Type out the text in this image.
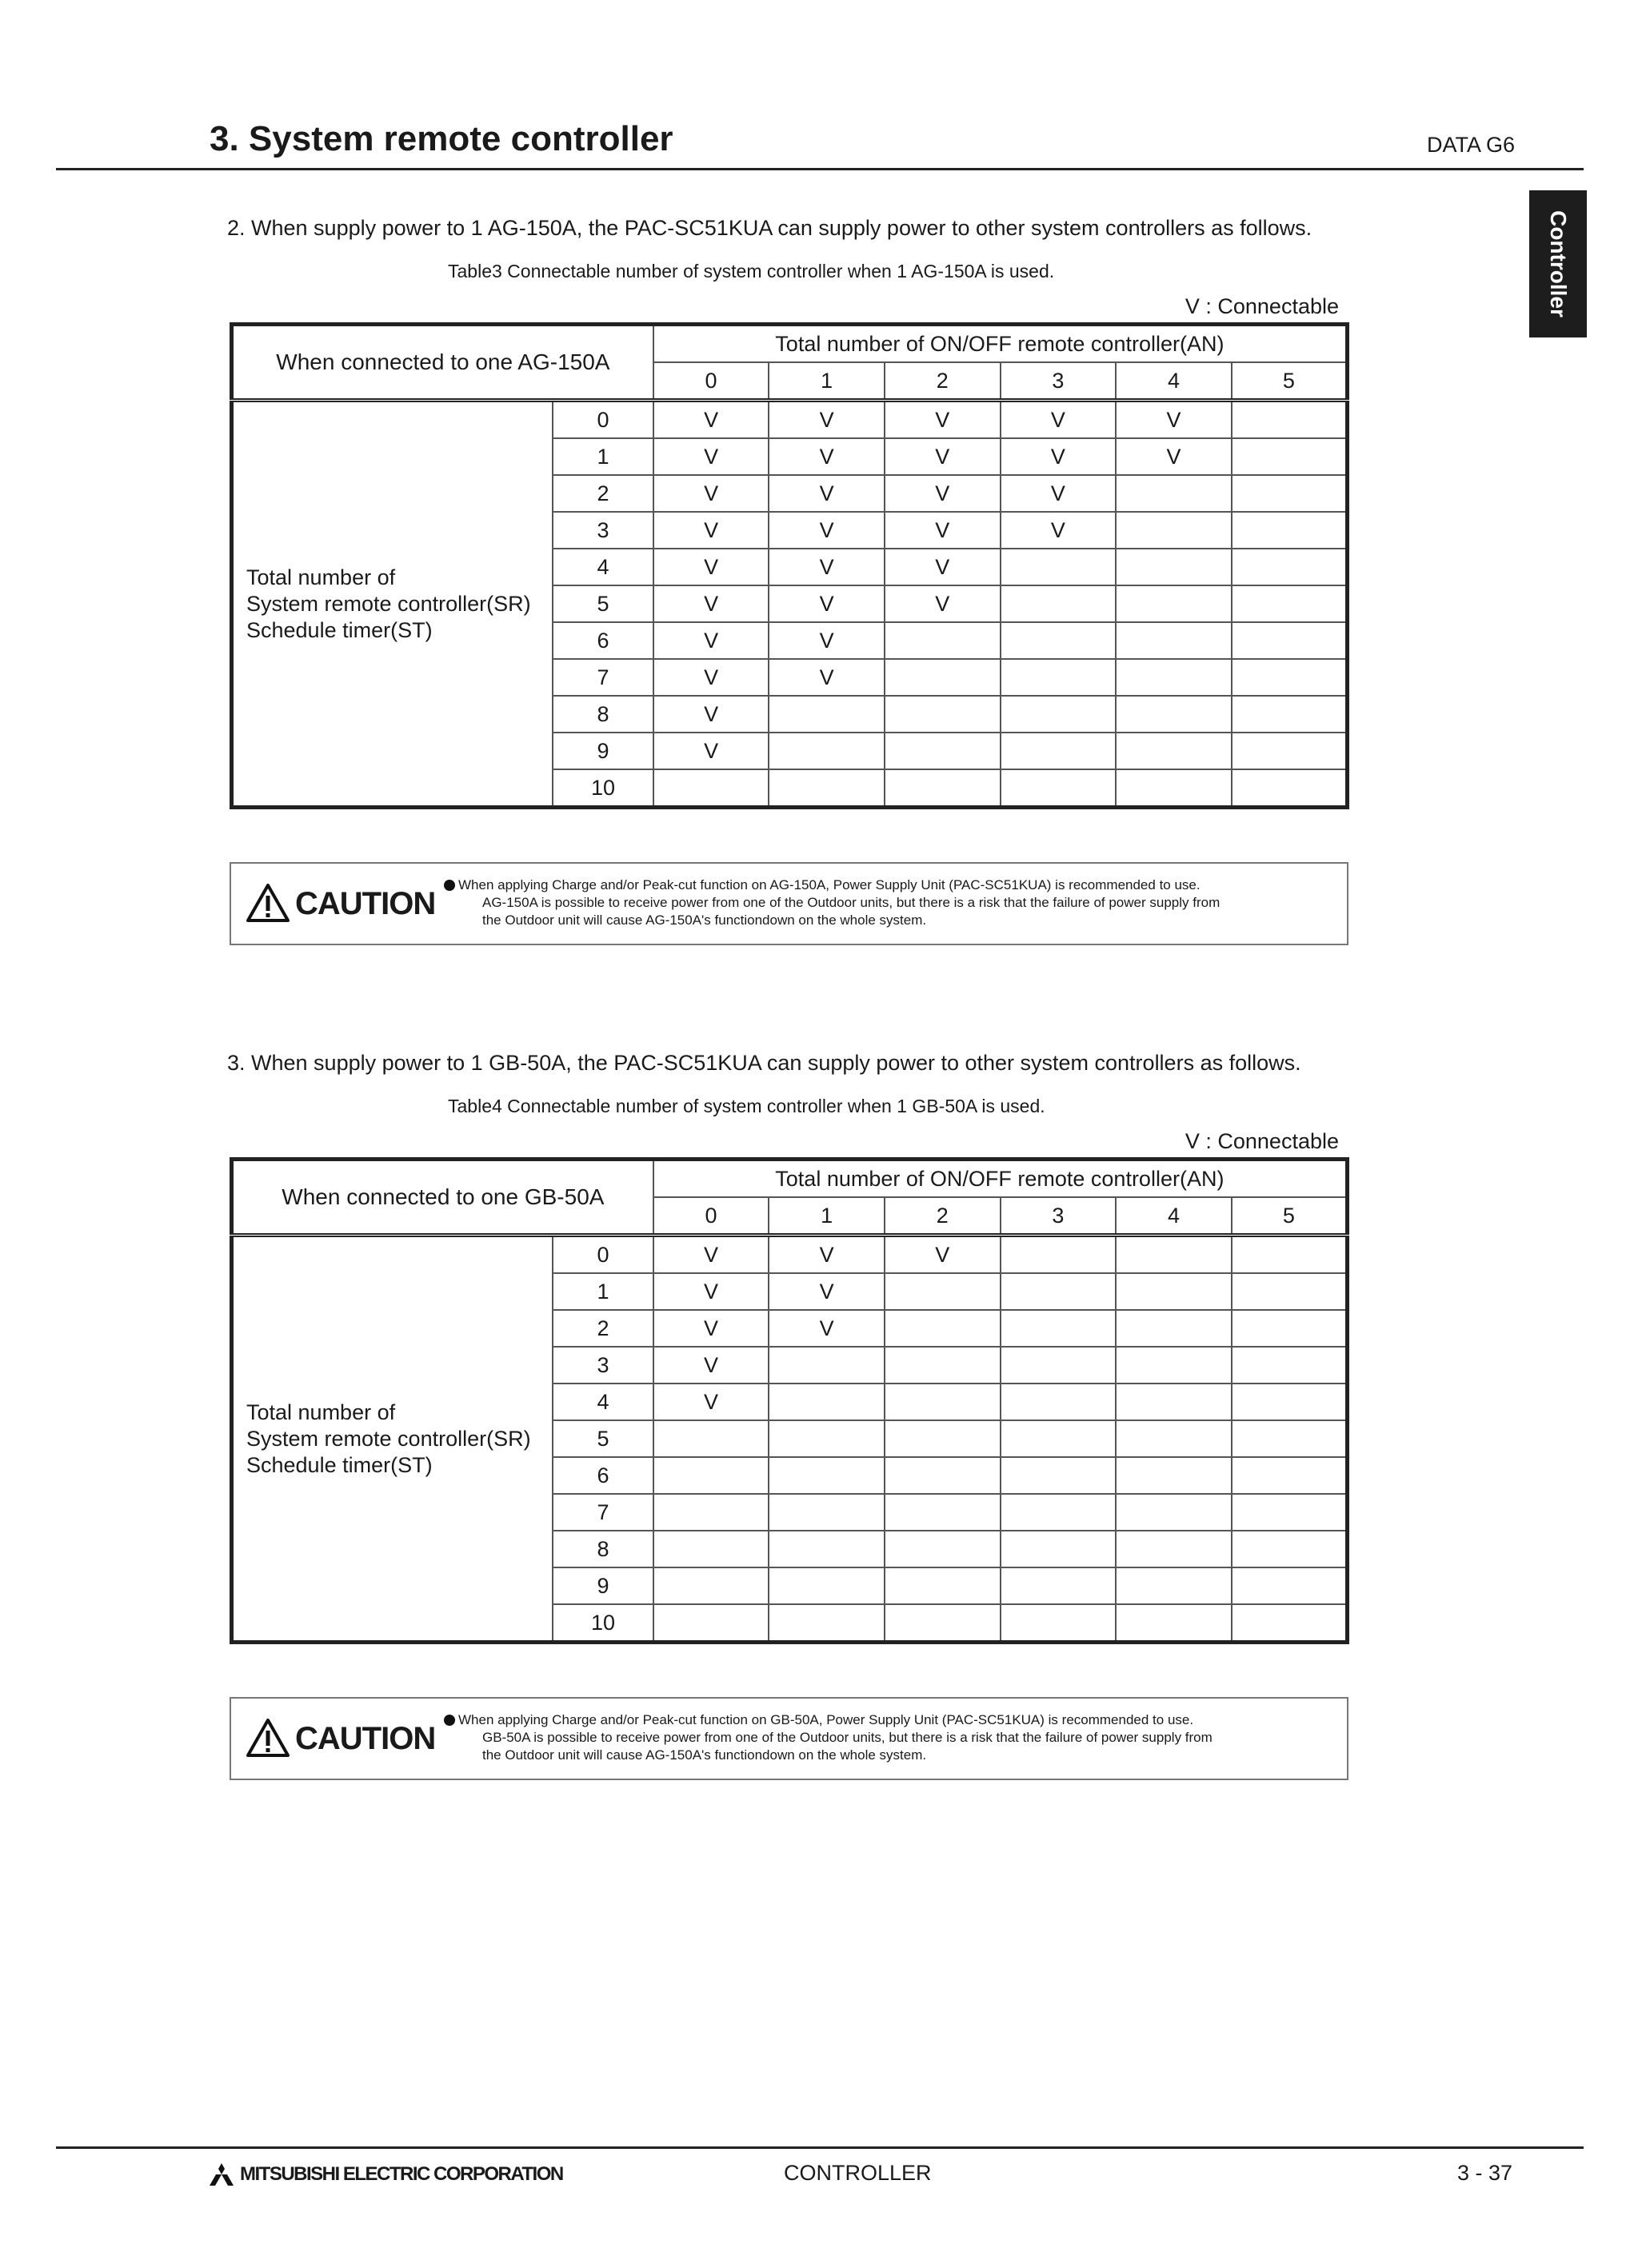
3. System remote controller	DATA G6
Controller
2. When supply power to 1 AG-150A, the PAC-SC51KUA can supply power to other system controllers as follows.
Table3 Connectable number of system controller when 1 AG-150A is used.
V : Connectable
When connected to one AG-150A		Total number of ON/OFF remote controller(AN)					
		0	1	2	3	4	5

Total number of
System remote controller(SR)
Schedule timer(ST)	0	V	V	V	V	V	
	1	V	V	V	V	V	
	2	V	V	V	V		
	3	V	V	V	V		
	4	V	V	V			
	5	V	V	V			
	6	V	V				
	7	V	V				
	8	V					
	9	V					
	10						
CAUTION
When applying Charge and/or Peak-cut function on AG-150A, Power Supply Unit (PAC-SC51KUA) is recommended to use.
AG-150A is possible to receive power from one of the Outdoor units, but there is a risk that the failure of power supply from
the Outdoor unit will cause AG-150A's functiondown on the whole system.
3. When supply power to 1 GB-50A, the PAC-SC51KUA can supply power to other system controllers as follows.
Table4 Connectable number of system controller when 1 GB-50A is used.
V : Connectable
When connected to one GB-50A		Total number of ON/OFF remote controller(AN)					
		0	1	2	3	4	5

Total number of
System remote controller(SR)
Schedule timer(ST)	0	V	V	V			
	1	V	V				
	2	V	V				
	3	V					
	4	V					
	5						
	6						
	7						
	8						
	9						
	10						
CAUTION
When applying Charge and/or Peak-cut function on GB-50A, Power Supply Unit (PAC-SC51KUA) is recommended to use.
GB-50A is possible to receive power from one of the Outdoor units, but there is a risk that the failure of power supply from
the Outdoor unit will cause AG-150A's functiondown on the whole system.
MITSUBISHI ELECTRIC CORPORATION	CONTROLLER	3 - 37
